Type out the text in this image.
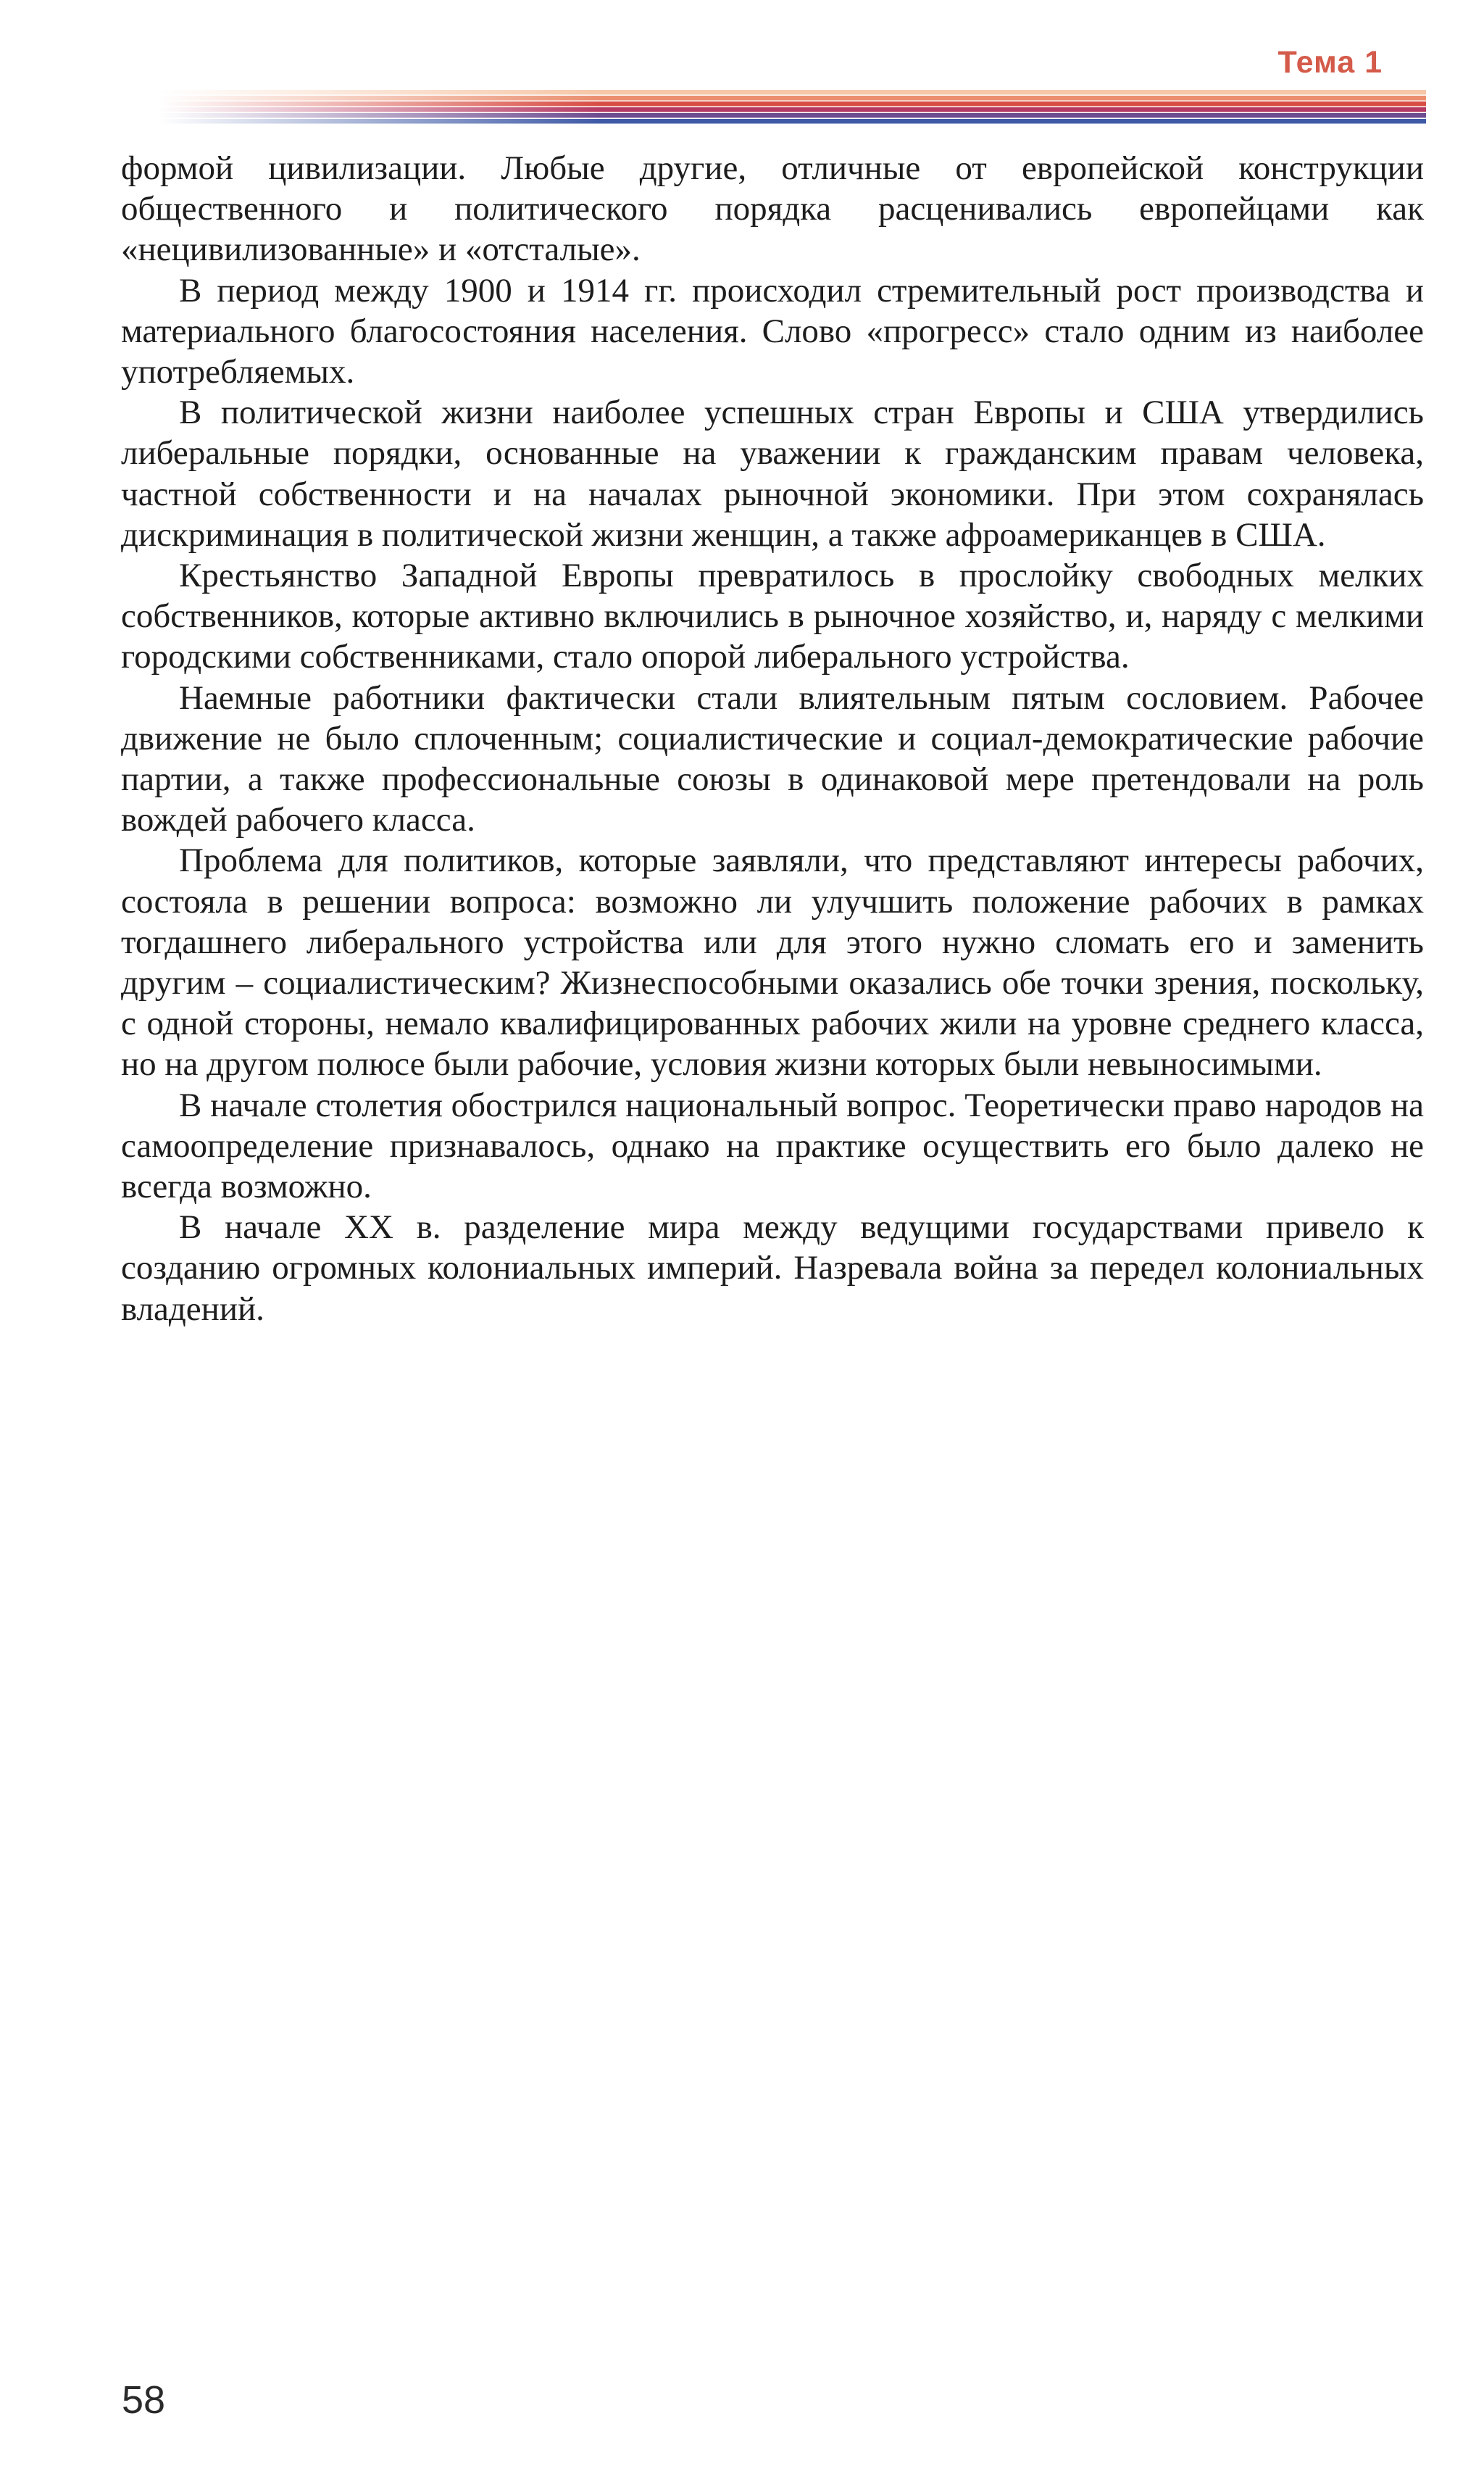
Тема 1

формой цивилизации. Любые другие, отличные от европейской конструкции общественного и политического порядка расценивались европейцами как «нецивилизованные» и «отсталые».

В период между 1900 и 1914 гг. происходил стремительный рост производства и материального благосостояния населения. Слово «прогресс» стало одним из наиболее употребляемых.

В политической жизни наиболее успешных стран Европы и США утвердились либеральные порядки, основанные на уважении к гражданским правам человека, частной собственности и на началах рыночной экономики. При этом сохранялась дискриминация в политической жизни женщин, а также афроамериканцев в США.

Крестьянство Западной Европы превратилось в прослойку свободных мелких собственников, которые активно включились в рыночное хозяйство, и, наряду с мелкими городскими собственниками, стало опорой либерального устройства.

Наемные работники фактически стали влиятельным пятым сословием. Рабочее движение не было сплоченным; социалистические и социал-демократические рабочие партии, а также профессиональные союзы в одинаковой мере претендовали на роль вождей рабочего класса.

Проблема для политиков, которые заявляли, что представляют интересы рабочих, состояла в решении вопроса: возможно ли улучшить положение рабочих в рамках тогдашнего либерального устройства или для этого нужно сломать его и заменить другим – социалистическим? Жизнеспособными оказались обе точки зрения, поскольку, с одной стороны, немало квалифицированных рабочих жили на уровне среднего класса, но на другом полюсе были рабочие, условия жизни которых были невыносимыми.

В начале столетия обострился национальный вопрос. Теоретически право народов на самоопределение признавалось, однако на практике осуществить его было далеко не всегда возможно.

В начале XX в. разделение мира между ведущими государствами привело к созданию огромных колониальных империй. Назревала война за передел колониальных владений.

58
